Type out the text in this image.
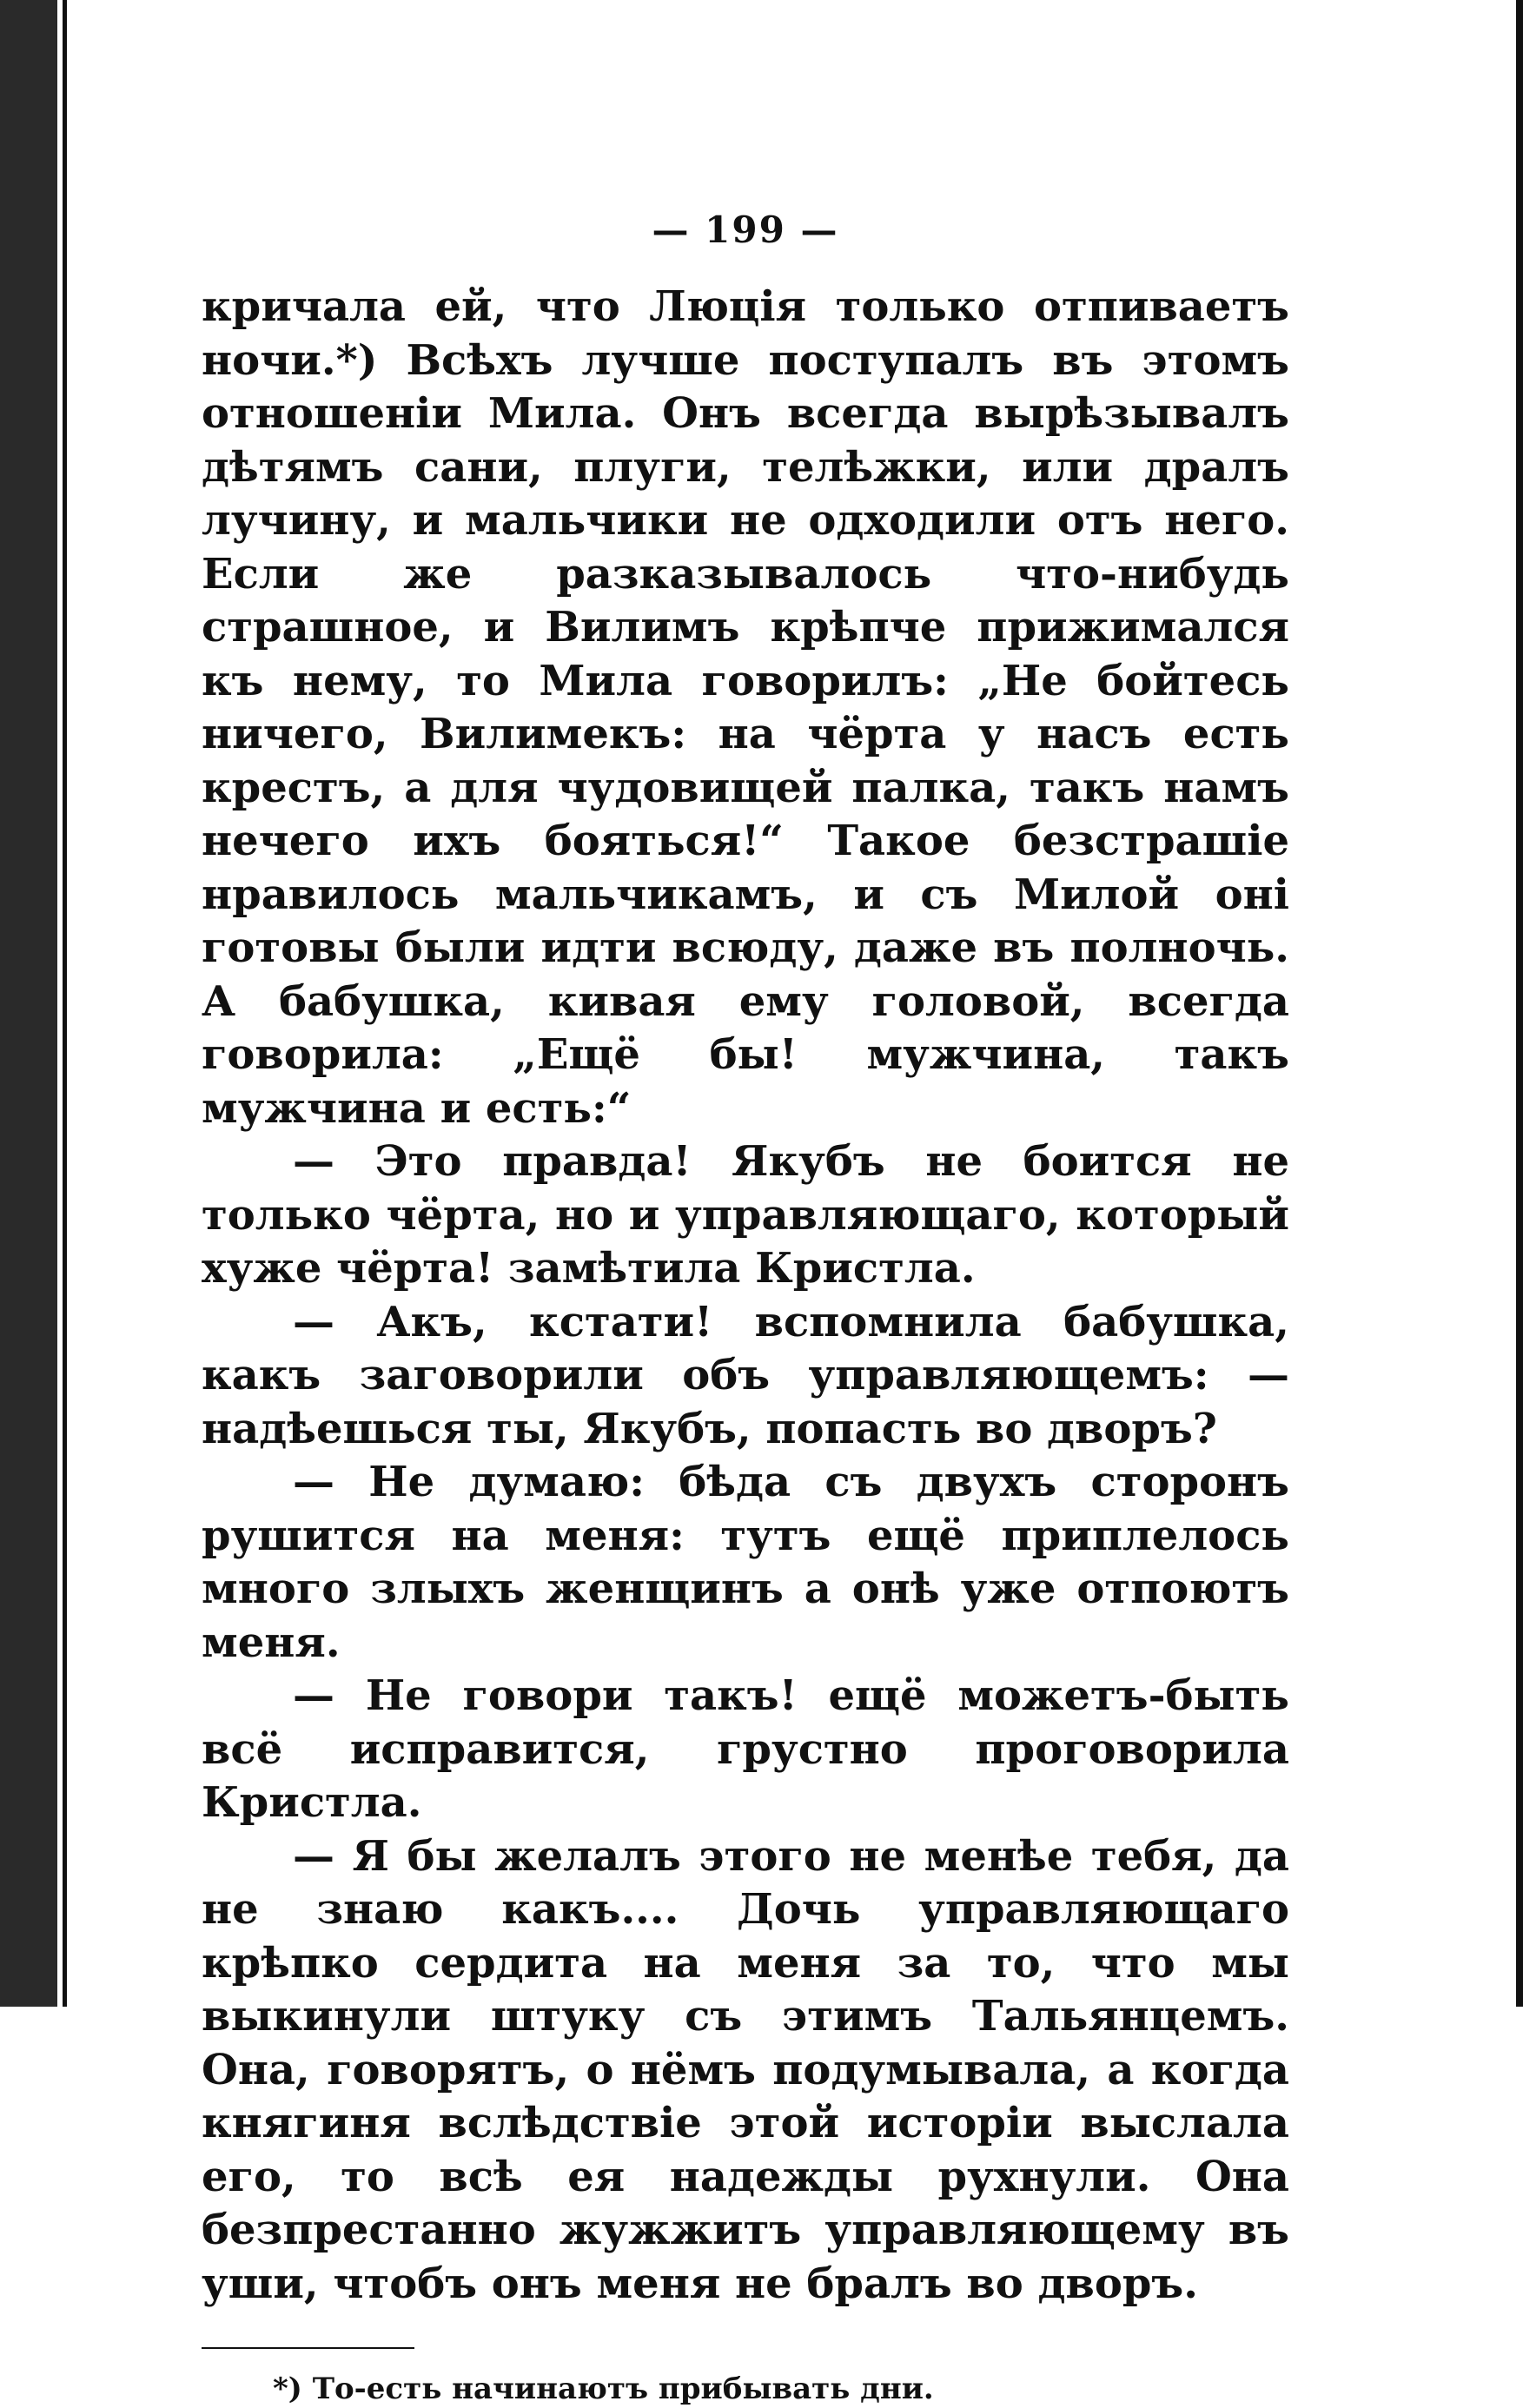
— 199 —

кричала ей, что Люція только отпиваетъ ночи.*) Всѣхъ лучше поступалъ въ этомъ отношеніи Мила. Онъ всегда вырѣзывалъ дѣтямъ сани, плуги, телѣжки, или дралъ лучину, и мальчики не одходили отъ него. Если же разказывалось что-нибудь страшное, и Вилимъ крѣпче прижимался къ нему, то Мила говорилъ: „Не бойтесь ничего, Вилимекъ: на чёрта у насъ есть крестъ, а для чудовищей палка, такъ намъ нечего ихъ бояться!“ Такое безстрашіе нравилось мальчикамъ, и съ Милой оні готовы были идти всюду, даже въ полночь. А бабушка, кивая ему головой, всегда говорила: „Ещё бы! мужчина, такъ мужчина и есть:“

— Это правда! Якубъ не боится не только чёрта, но и управляющаго, который хуже чёрта! замѣтила Кристла.

— Акъ, кстати! вспомнила бабушка, какъ заговорили объ управляющемъ: — надѣешься ты, Якубъ, попасть во дворъ?

— Не думаю: бѣда съ двухъ сторонъ рушится на меня: тутъ ещё приплелось много злыхъ женщинъ а онѣ уже отпоютъ меня.

— Не говори такъ! ещё можетъ-быть всё исправится, грустно проговорила Кристла.

— Я бы желалъ этого не менѣе тебя, да не знаю какъ.... Дочь управляющаго крѣпко сердита на меня за то, что мы выкинули штуку съ этимъ Тальянцемъ. Она, говорятъ, о нёмъ подумывала, а когда княгиня вслѣдствіе этой исторіи выслала его, то всѣ ея надежды рухнули. Она безпрестанно жужжитъ управляющему въ уши, чтобъ онъ меня не бралъ во дворъ.

*) То-есть начинаютъ прибывать дни.
